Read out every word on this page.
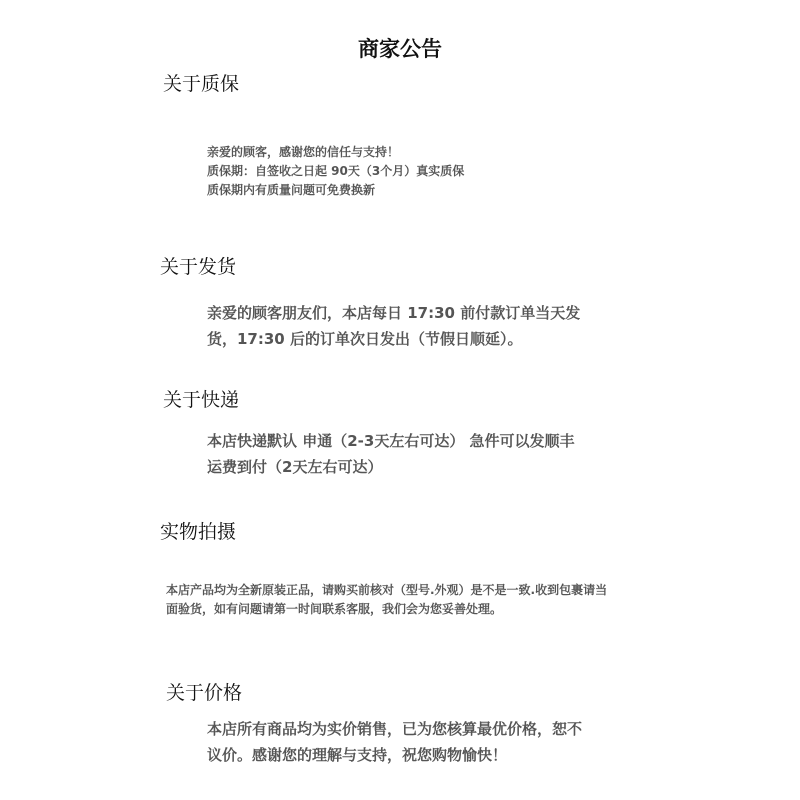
商家公告
关于质保
亲爱的顾客，感谢您的信任与支持！
质保期：自签收之日起 90天（3个月）真实质保
质保期内有质量问题可免费换新
关于发货
亲爱的顾客朋友们，本店每日 17:30 前付款订单当天发
货，17:30 后的订单次日发出（节假日顺延）。
关于快递
本店快递默认 申通（2-3天左右可达） 急件可以发顺丰
运费到付（2天左右可达）
实物拍摄
本店产品均为全新原装正品，请购买前核对（型号.外观）是不是一致.收到包裹请当
面验货，如有问题请第一时间联系客服，我们会为您妥善处理。
关于价格
本店所有商品均为实价销售，已为您核算最优价格，恕不
议价。感谢您的理解与支持，祝您购物愉快！
